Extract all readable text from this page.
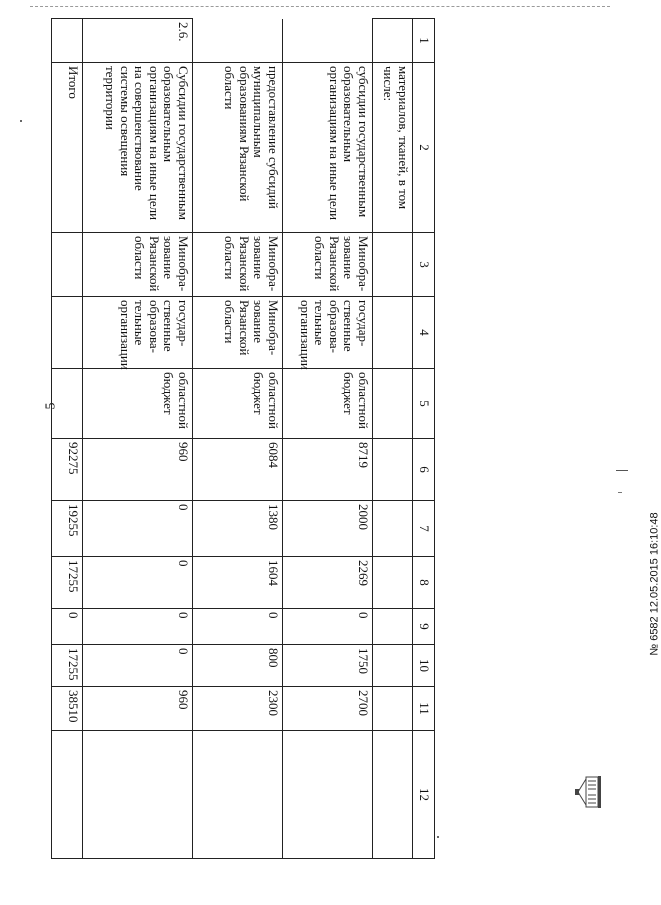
5
1	2	3	4	5	6	7	8	9	10	11	12
	материалов, тканей, в том числе:										
	субсидии государственным образовательным организациям на иные цели	Минобра-зование Рязанской области	государ-ственные образова-тельные организации	областной бюджет	8719	2000	2269	0	1750	2700	
	предоставление субсидий муниципальным образованиям Рязанской области	Минобра-зование Рязанской области	Минобра-зование Рязанской области	областной бюджет	6084	1380	1604	0	800	2300	
2.6.	Субсидии государственным образовательным организациям на иные цели на совершенствование системы освещения территории	Минобра-зование Рязанской области	государ-ственные образова-тельные организации	областной бюджет	960	0	0	0	0	960	
	Итого				92275	19255	17255	0	17255	38510	
№ 6582 12.05.2015 16:10:48
